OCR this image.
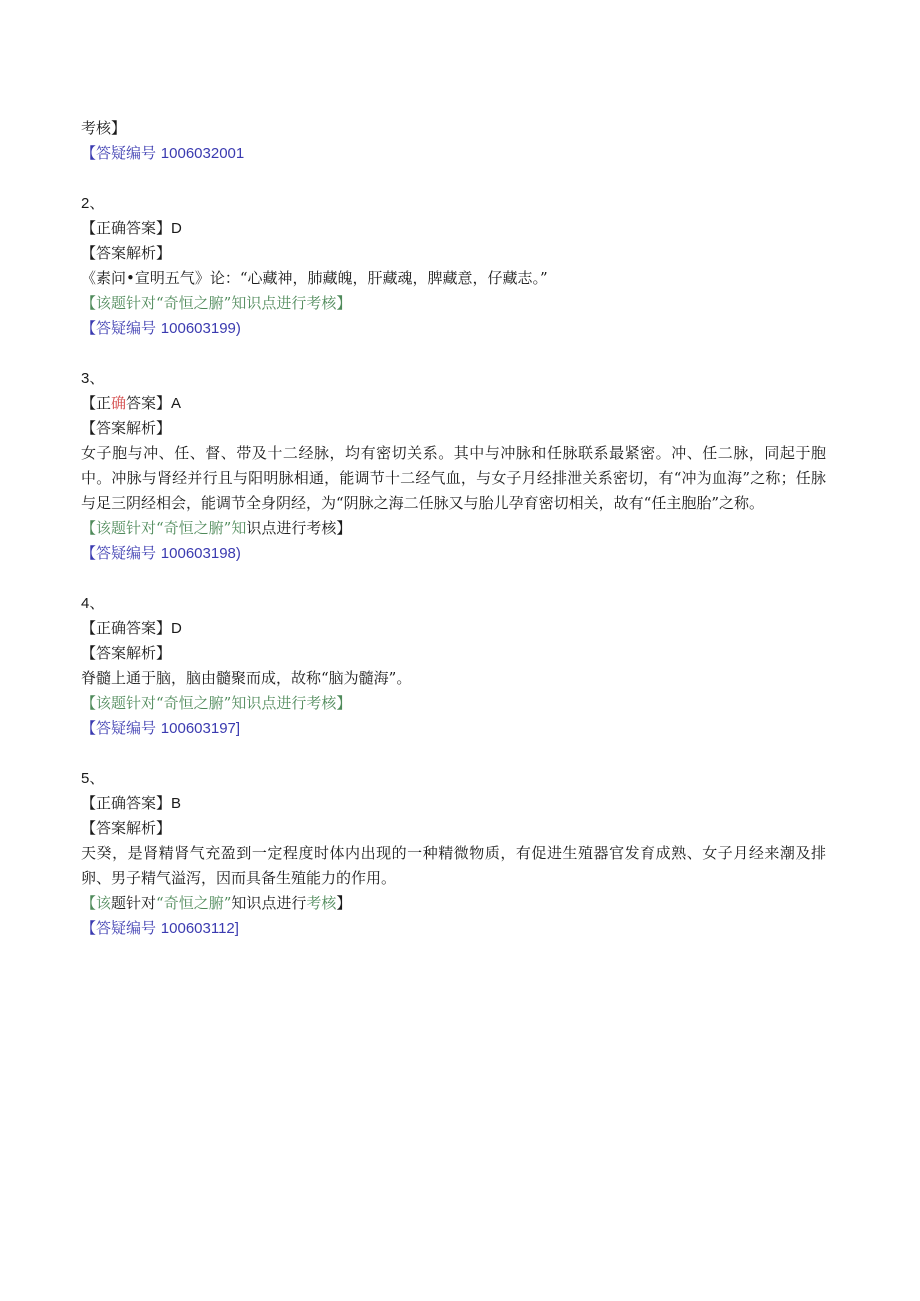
考核】

【答疑编号 1006032001

2、

【正确答案】D

【答案解析】

《素问•宣明五气》论：“心藏神，肺藏魄，肝藏魂，脾藏意，仔藏志。”

【该题针对“奇恒之腑”知识点进行考核】

【答疑编号 100603199)

3、

【正确答案】A

【答案解析】

女子胞与冲、任、督、带及十二经脉，均有密切关系。其中与冲脉和任脉联系最紧密。冲、任二脉，同起于胞中。冲脉与肾经并行且与阳明脉相通，能调节十二经气血，与女子月经排泄关系密切，有“冲为血海”之称；任脉与足三阴经相会，能调节全身阴经，为“阴脉之海二任脉又与胎儿孕育密切相关，故有“任主胞胎”之称。

【该题针对“奇恒之腑”知识点进行考核】

【答疑编号 100603198)

4、

【正确答案】D

【答案解析】

脊髓上通于脑，脑由髓聚而成，故称“脑为髓海”。

【该题针对“奇恒之腑”知识点进行考核】

【答疑编号 100603197]

5、

【正确答案】B

【答案解析】

天癸，是肾精肾气充盈到一定程度时体内出现的一种精微物质，有促进生殖器官发育成熟、女子月经来潮及排卵、男子精气溢泻，因而具备生殖能力的作用。

【该题针对“奇恒之腑”知识点进行考核】

【答疑编号 100603112]
